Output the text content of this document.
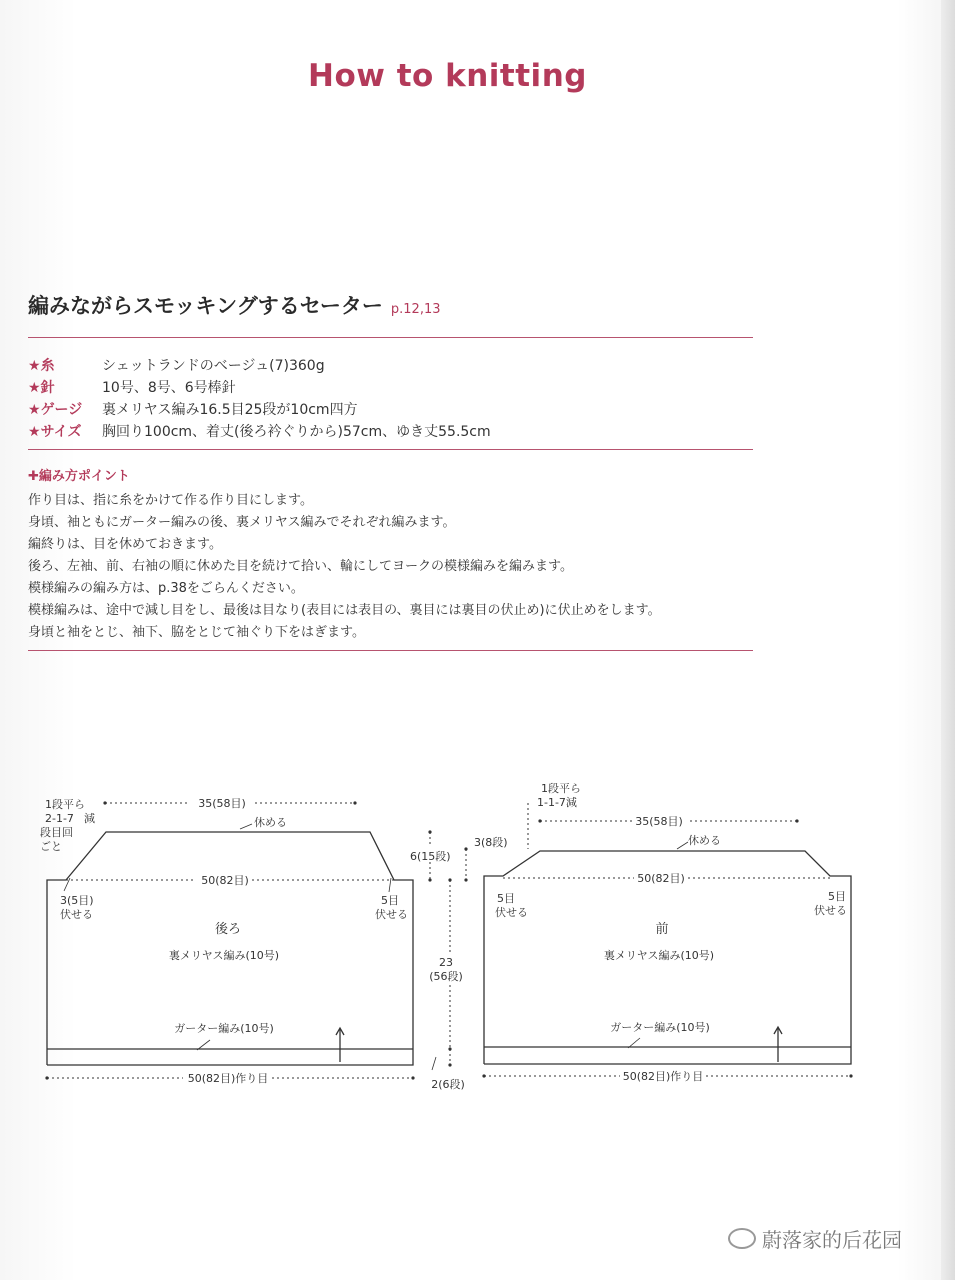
How to knitting
編みながらスモッキングするセーター p.12,13
★糸	シェットランドのベージュ(7)360g
★針	10号、8号、6号棒針
★ゲージ 裏メリヤス編み16.5目25段が10cm四方
★サイズ 胸回り100cm、着丈(後ろ衿ぐりから)57cm、ゆき丈55.5cm
✚編み方ポイント
作り目は、指に糸をかけて作る作り目にします。
身頃、袖ともにガーター編みの後、裏メリヤス編みでそれぞれ編みます。
編終りは、目を休めておきます。
後ろ、左袖、前、右袖の順に休めた目を続けて拾い、輪にしてヨークの模様編みを編みます。
模様編みの編み方は、p.38をごらんください。
模様編みは、途中で減し目をし、最後は目なり(表目には表目の、裏目には裏目の伏止め)に伏止めをします。
身頃と袖をとじ、袖下、脇をとじて袖ぐり下をはぎます。
1段平ら
2-1-7 減
段目回
ごと
35(58目)
休める
50(82目)
3(5目)
伏せる
5目
伏せる
後ろ
裏メリヤス編み(10号)
ガーター編み(10号)
50(82目)作り目
6(15段)
3(8段)
23
(56段)
2(6段)
1段平ら
1-1-7減
35(58目)
休める
50(82目)
5目
伏せる
5目
伏せる
前
裏メリヤス編み(10号)
ガーター編み(10号)
50(82目)作り目
蔚落家的后花园
